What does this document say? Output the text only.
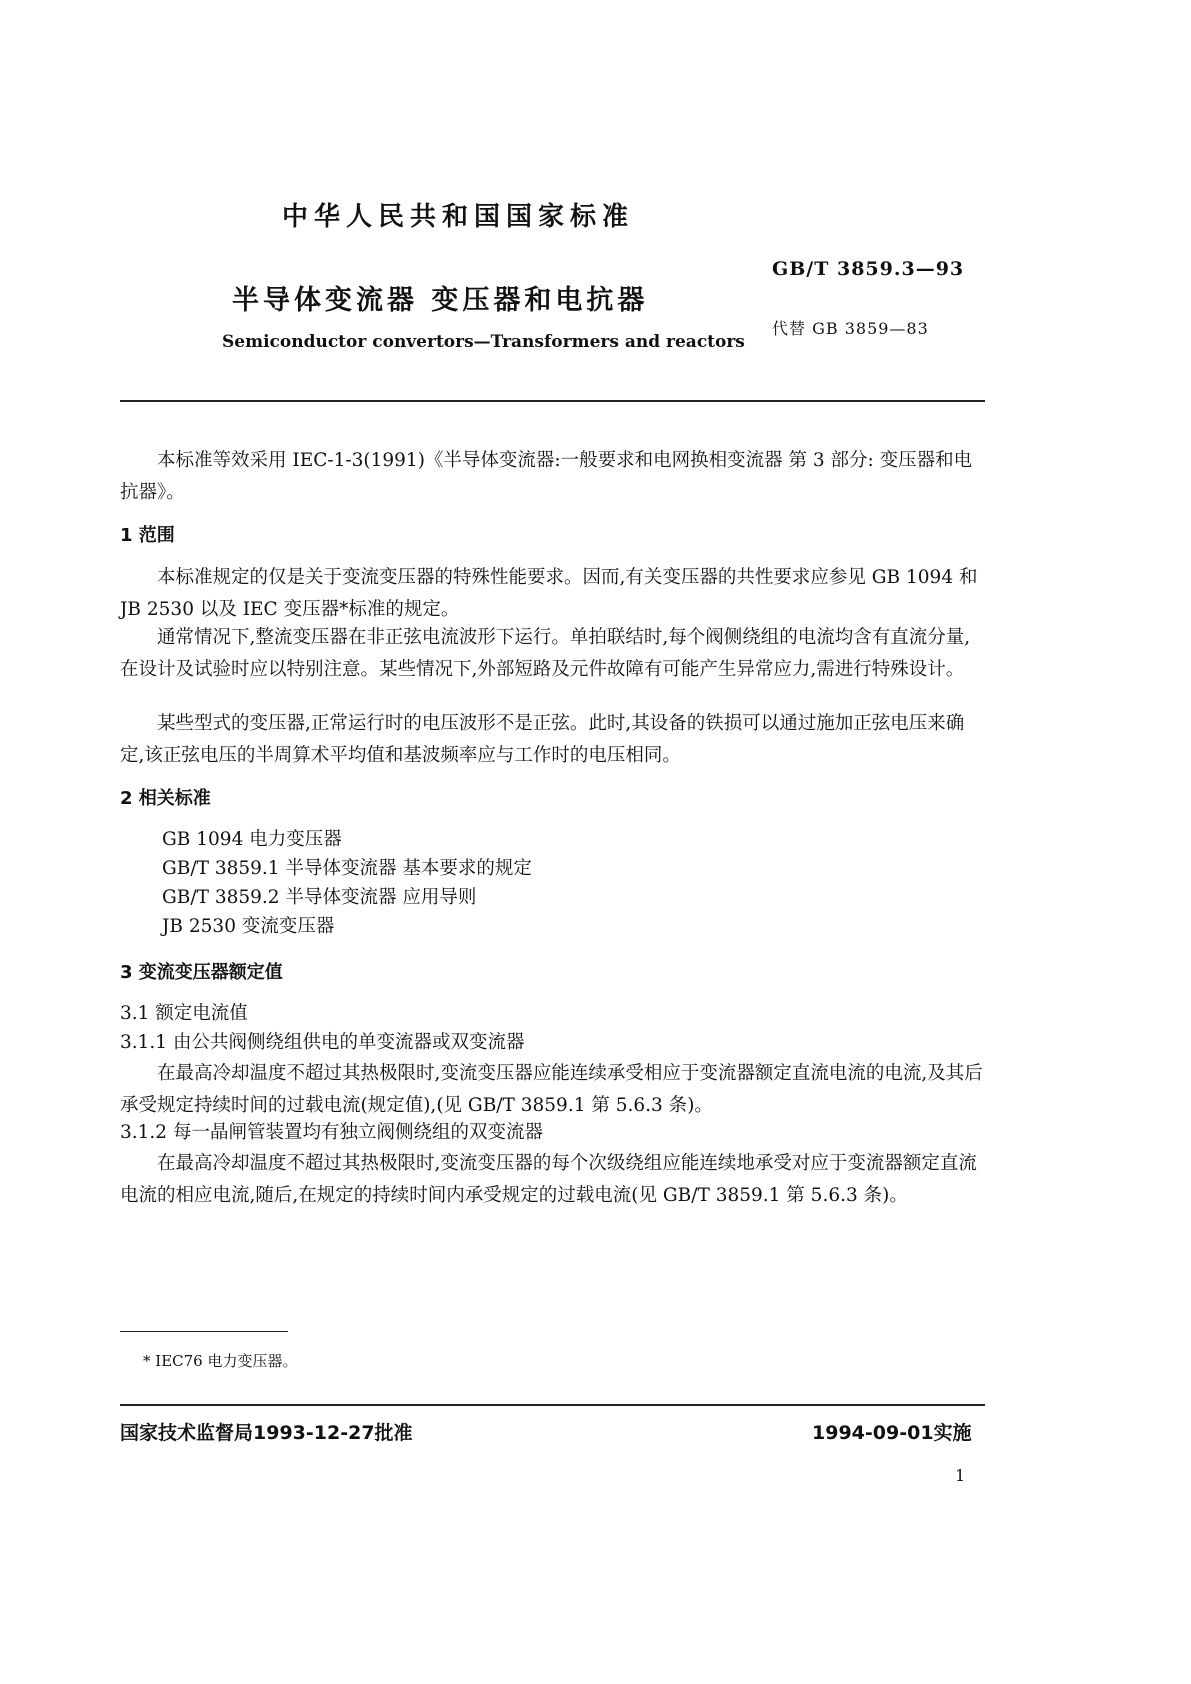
中华人民共和国国家标准
GB/T 3859.3—93
半导体变流器 变压器和电抗器
代替 GB 3859—83
Semiconductor convertors—Transformers and reactors
本标准等效采用 IEC-1-3(1991)《半导体变流器:一般要求和电网换相变流器 第 3 部分: 变压器和电抗器》。
1 范围
本标准规定的仅是关于变流变压器的特殊性能要求。因而,有关变压器的共性要求应参见 GB 1094 和 JB 2530 以及 IEC 变压器*标准的规定。
通常情况下,整流变压器在非正弦电流波形下运行。单拍联结时,每个阀侧绕组的电流均含有直流分量,在设计及试验时应以特别注意。某些情况下,外部短路及元件故障有可能产生异常应力,需进行特殊设计。
某些型式的变压器,正常运行时的电压波形不是正弦。此时,其设备的铁损可以通过施加正弦电压来确定,该正弦电压的半周算术平均值和基波频率应与工作时的电压相同。
2 相关标准
GB 1094 电力变压器
GB/T 3859.1 半导体变流器 基本要求的规定
GB/T 3859.2 半导体变流器 应用导则
JB 2530 变流变压器
3 变流变压器额定值
3.1 额定电流值
3.1.1 由公共阀侧绕组供电的单变流器或双变流器
在最高冷却温度不超过其热极限时,变流变压器应能连续承受相应于变流器额定直流电流的电流,及其后承受规定持续时间的过载电流(规定值),(见 GB/T 3859.1 第 5.6.3 条)。
3.1.2 每一晶闸管装置均有独立阀侧绕组的双变流器
在最高冷却温度不超过其热极限时,变流变压器的每个次级绕组应能连续地承受对应于变流器额定直流电流的相应电流,随后,在规定的持续时间内承受规定的过载电流(见 GB/T 3859.1 第 5.6.3 条)。
* IEC76 电力变压器。
国家技术监督局1993-12-27批准	1994-09-01实施
1
